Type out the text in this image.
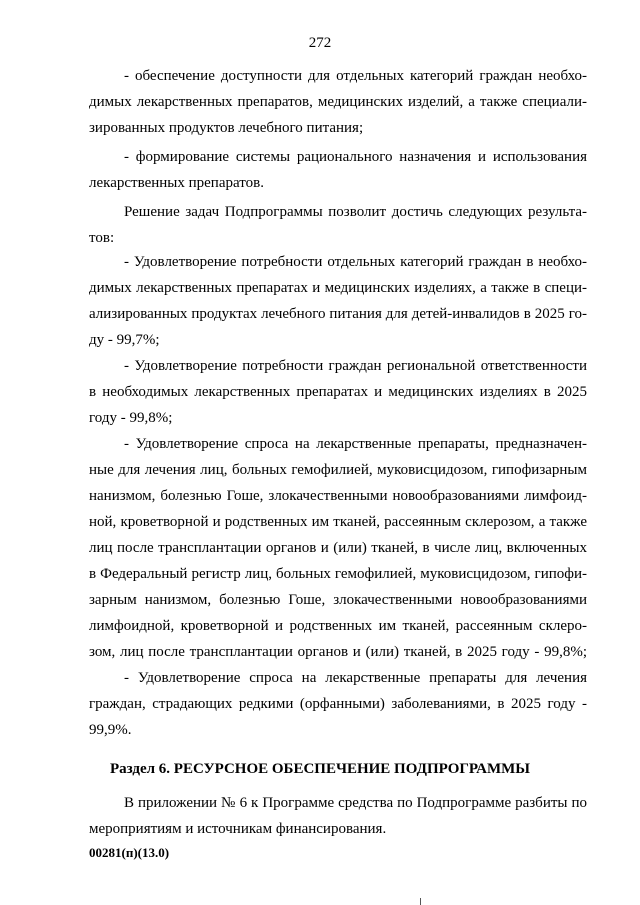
272
- обеспечение доступности для отдельных категорий граждан необхо-
димых лекарственных препаратов, медицинских изделий, а также специали-
зированных продуктов лечебного питания;
- формирование системы рационального назначения и использования
лекарственных препаратов.
Решение задач Подпрограммы позволит достичь следующих результа-
тов:
- Удовлетворение потребности отдельных категорий граждан в необхо-
димых лекарственных препаратах и медицинских изделиях, а также в специ-
ализированных продуктах лечебного питания для детей-инвалидов в 2025 го-
ду - 99,7%;
- Удовлетворение потребности граждан региональной ответственности
в необходимых лекарственных препаратах и медицинских изделиях в 2025
году - 99,8%;
- Удовлетворение спроса на лекарственные препараты, предназначен-
ные для лечения лиц, больных гемофилией, муковисцидозом, гипофизарным
нанизмом, болезнью Гоше, злокачественными новообразованиями лимфоид-
ной, кроветворной и родственных им тканей, рассеянным склерозом, а также
лиц после трансплантации органов и (или) тканей, в числе лиц, включенных
в Федеральный регистр лиц, больных гемофилией, муковисцидозом, гипофи-
зарным нанизмом, болезнью Гоше, злокачественными новообразованиями
лимфоидной, кроветворной и родственных им тканей, рассеянным склеро-
зом, лиц после трансплантации органов и (или) тканей, в 2025 году - 99,8%;
- Удовлетворение спроса на лекарственные препараты для лечения
граждан, страдающих редкими (орфанными) заболеваниями, в 2025 году -
99,9%.
Раздел 6. РЕСУРСНОЕ ОБЕСПЕЧЕНИЕ ПОДПРОГРАММЫ
В приложении № 6 к Программе средства по Подпрограмме разбиты по
мероприятиям и источникам финансирования.
00281(п)(13.0)
